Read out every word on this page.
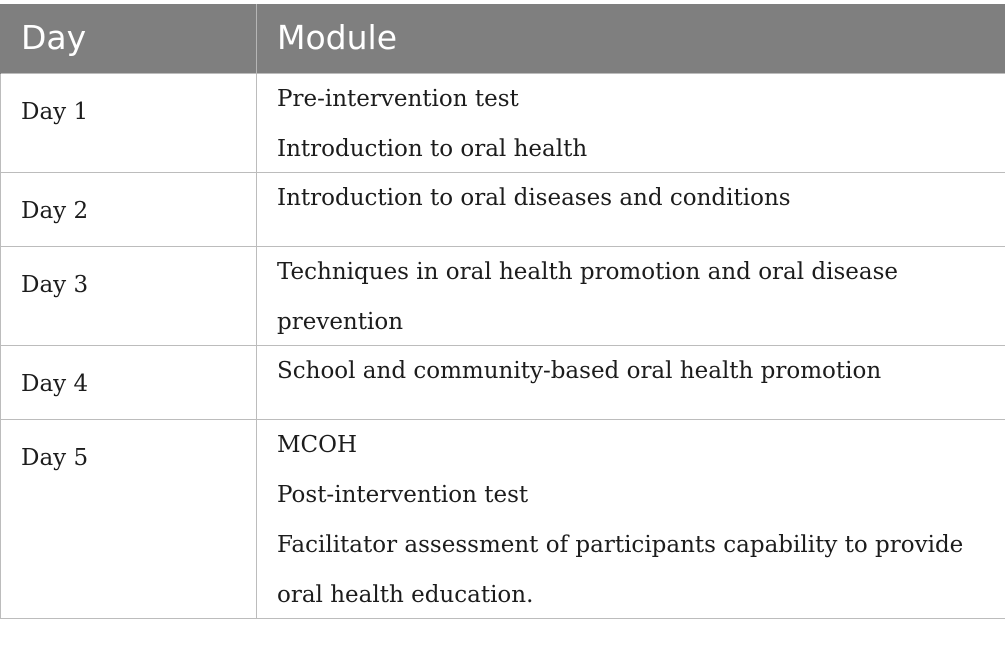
Day	Module
Day 1	Pre-intervention test
Introduction to oral health

Day 2	Introduction to oral diseases and conditions

Day 3	Techniques in oral health promotion and oral disease
prevention

Day 4	School and community-based oral health promotion

Day 5	MCOH
Post-intervention test
Facilitator assessment of participants capability to provide
oral health education.
